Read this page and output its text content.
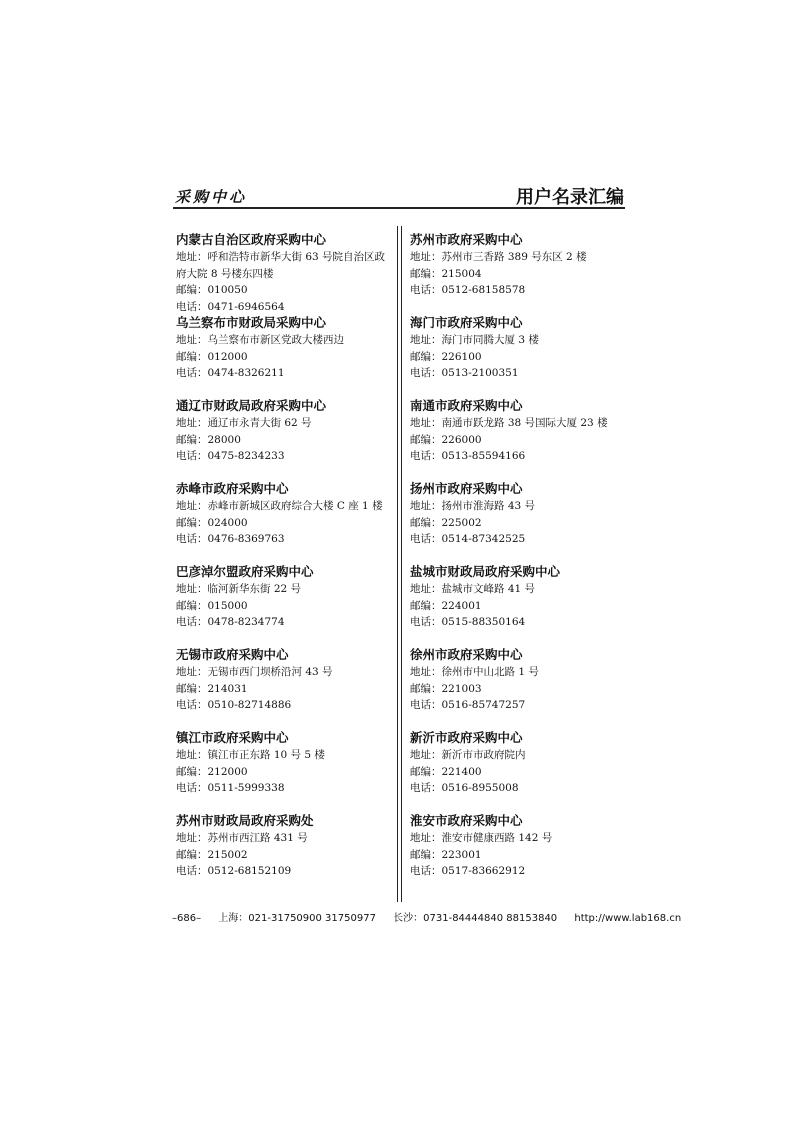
采购中心	用户名录汇编
内蒙古自治区政府采购中心
地址：呼和浩特市新华大街 63 号院自治区政府大院 8 号楼东四楼
邮编：010050
电话：0471-6946564
乌兰察布市财政局采购中心
地址：乌兰察布市新区党政大楼西边
邮编：012000
电话：0474-8326211
通辽市财政局政府采购中心
地址：通辽市永青大街 62 号
邮编：28000
电话：0475-8234233
赤峰市政府采购中心
地址：赤峰市新城区政府综合大楼 C 座 1 楼
邮编：024000
电话：0476-8369763
巴彦淖尔盟政府采购中心
地址：临河新华东街 22 号
邮编：015000
电话：0478-8234774
无锡市政府采购中心
地址：无锡市西门坝桥沿河 43 号
邮编：214031
电话：0510-82714886
镇江市政府采购中心
地址：镇江市正东路 10 号 5 楼
邮编：212000
电话：0511-5999338
苏州市财政局政府采购处
地址：苏州市西江路 431 号
邮编：215002
电话：0512-68152109
苏州市政府采购中心
地址：苏州市三香路 389 号东区 2 楼
邮编：215004
电话：0512-68158578
海门市政府采购中心
地址：海门市同腾大厦 3 楼
邮编：226100
电话：0513-2100351
南通市政府采购中心
地址：南通市跃龙路 38 号国际大厦 23 楼
邮编：226000
电话：0513-85594166
扬州市政府采购中心
地址：扬州市淮海路 43 号
邮编：225002
电话：0514-87342525
盐城市财政局政府采购中心
地址：盐城市文峰路 41 号
邮编：224001
电话：0515-88350164
徐州市政府采购中心
地址：徐州市中山北路 1 号
邮编：221003
电话：0516-85747257
新沂市政府采购中心
地址：新沂市市政府院内
邮编：221400
电话：0516-8955008
淮安市政府采购中心
地址：淮安市健康西路 142 号
邮编：223001
电话：0517-83662912
–686– 上海：021-31750900 31750977 长沙：0731-84444840 88153840 http://www.lab168.cn
